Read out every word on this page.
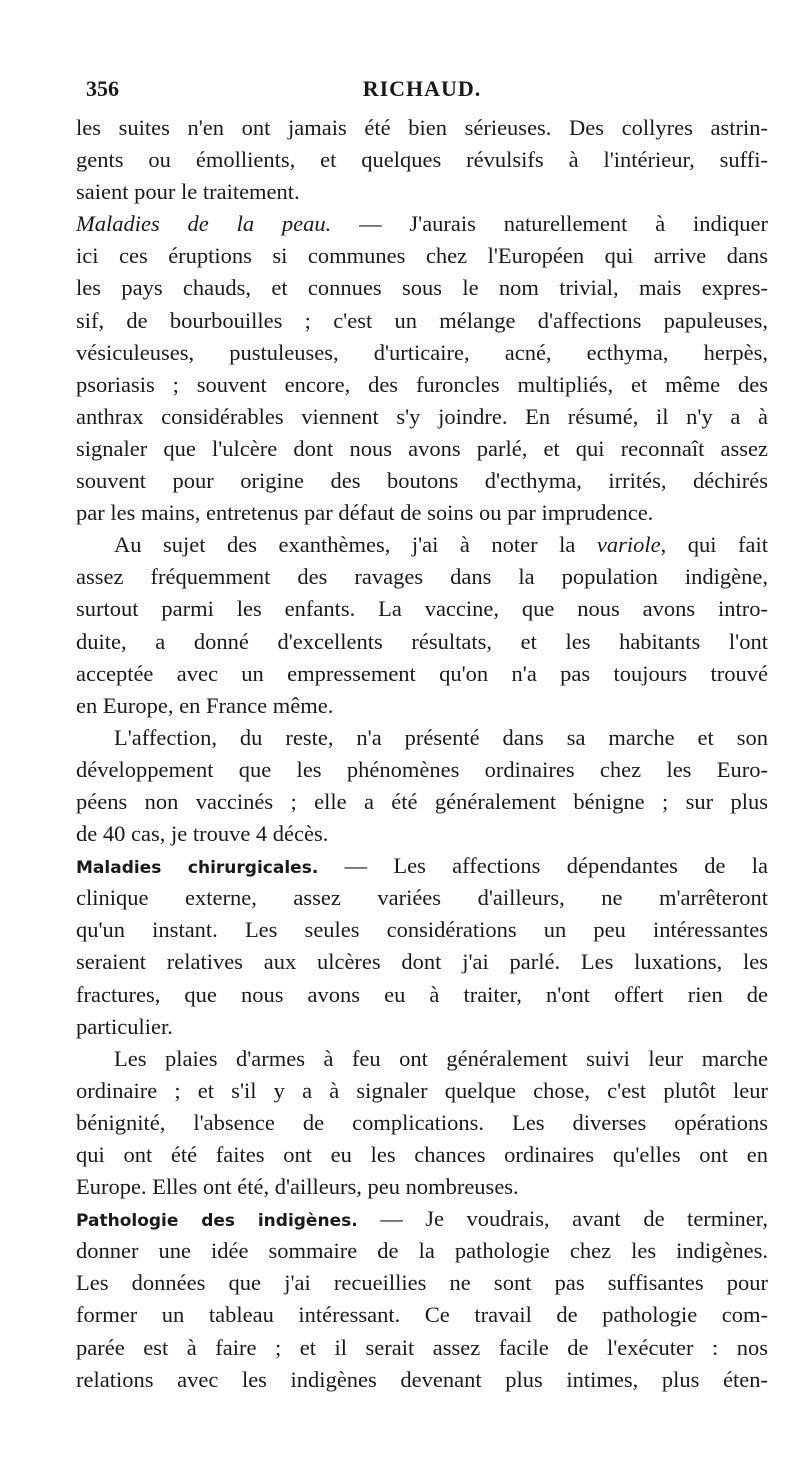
356	RICHAUD.
les suites n'en ont jamais été bien sérieuses. Des collyres astrin-
gents ou émollients, et quelques révulsifs à l'intérieur, suffi-
saient pour le traitement.
Maladies de la peau. — J'aurais naturellement à indiquer
ici ces éruptions si communes chez l'Européen qui arrive dans
les pays chauds, et connues sous le nom trivial, mais expres-
sif, de bourbouilles ; c'est un mélange d'affections papuleuses,
vésiculeuses, pustuleuses, d'urticaire, acné, ecthyma, herpès,
psoriasis ; souvent encore, des furoncles multipliés, et même des
anthrax considérables viennent s'y joindre. En résumé, il n'y a à
signaler que l'ulcère dont nous avons parlé, et qui reconnaît assez
souvent pour origine des boutons d'ecthyma, irrités, déchirés
par les mains, entretenus par défaut de soins ou par imprudence.
Au sujet des exanthèmes, j'ai à noter la variole, qui fait
assez fréquemment des ravages dans la population indigène,
surtout parmi les enfants. La vaccine, que nous avons intro-
duite, a donné d'excellents résultats, et les habitants l'ont
acceptée avec un empressement qu'on n'a pas toujours trouvé
en Europe, en France même.
L'affection, du reste, n'a présenté dans sa marche et son
développement que les phénomènes ordinaires chez les Euro-
péens non vaccinés ; elle a été généralement bénigne ; sur plus
de 40 cas, je trouve 4 décès.
Maladies chirurgicales. — Les affections dépendantes de la
clinique externe, assez variées d'ailleurs, ne m'arrêteront
qu'un instant. Les seules considérations un peu intéressantes
seraient relatives aux ulcères dont j'ai parlé. Les luxations, les
fractures, que nous avons eu à traiter, n'ont offert rien de
particulier.
Les plaies d'armes à feu ont généralement suivi leur marche
ordinaire ; et s'il y a à signaler quelque chose, c'est plutôt leur
bénignité, l'absence de complications. Les diverses opérations
qui ont été faites ont eu les chances ordinaires qu'elles ont en
Europe. Elles ont été, d'ailleurs, peu nombreuses.
Pathologie des indigènes. — Je voudrais, avant de terminer,
donner une idée sommaire de la pathologie chez les indigènes.
Les données que j'ai recueillies ne sont pas suffisantes pour
former un tableau intéressant. Ce travail de pathologie com-
parée est à faire ; et il serait assez facile de l'exécuter : nos
relations avec les indigènes devenant plus intimes, plus éten-
